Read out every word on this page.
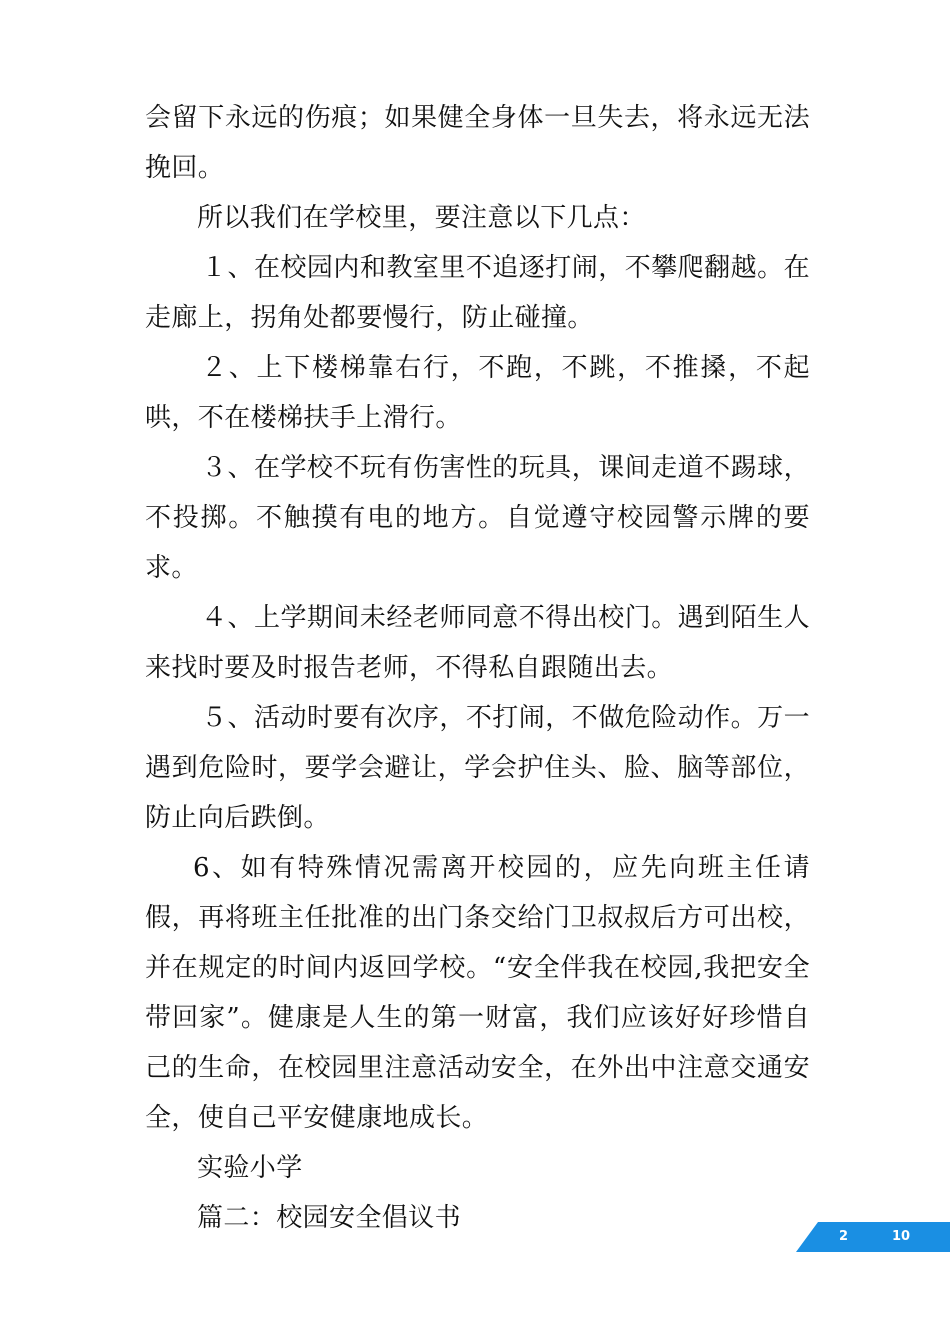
会留下永远的伤痕；如果健全身体一旦失去，将永远无法挽回。

所以我们在学校里，要注意以下几点：

１、在校园内和教室里不追逐打闹，不攀爬翻越。在走廊上，拐角处都要慢行，防止碰撞。

２、上下楼梯靠右行，不跑，不跳，不推搡，不起哄，不在楼梯扶手上滑行。

３、在学校不玩有伤害性的玩具，课间走道不踢球，不投掷。不触摸有电的地方。自觉遵守校园警示牌的要求。

４、上学期间未经老师同意不得出校门。遇到陌生人来找时要及时报告老师，不得私自跟随出去。

５、活动时要有次序，不打闹，不做危险动作。万一遇到危险时，要学会避让，学会护住头、脸、脑等部位，防止向后跌倒。

6、如有特殊情况需离开校园的，应先向班主任请假，再将班主任批准的出门条交给门卫叔叔后方可出校，并在规定的时间内返回学校。“安全伴我在校园,我把安全带回家”。健康是人生的第一财富，我们应该好好珍惜自己的生命，在校园里注意活动安全，在外出中注意交通安全，使自己平安健康地成长。

实验小学

篇二：校园安全倡议书

2	10
